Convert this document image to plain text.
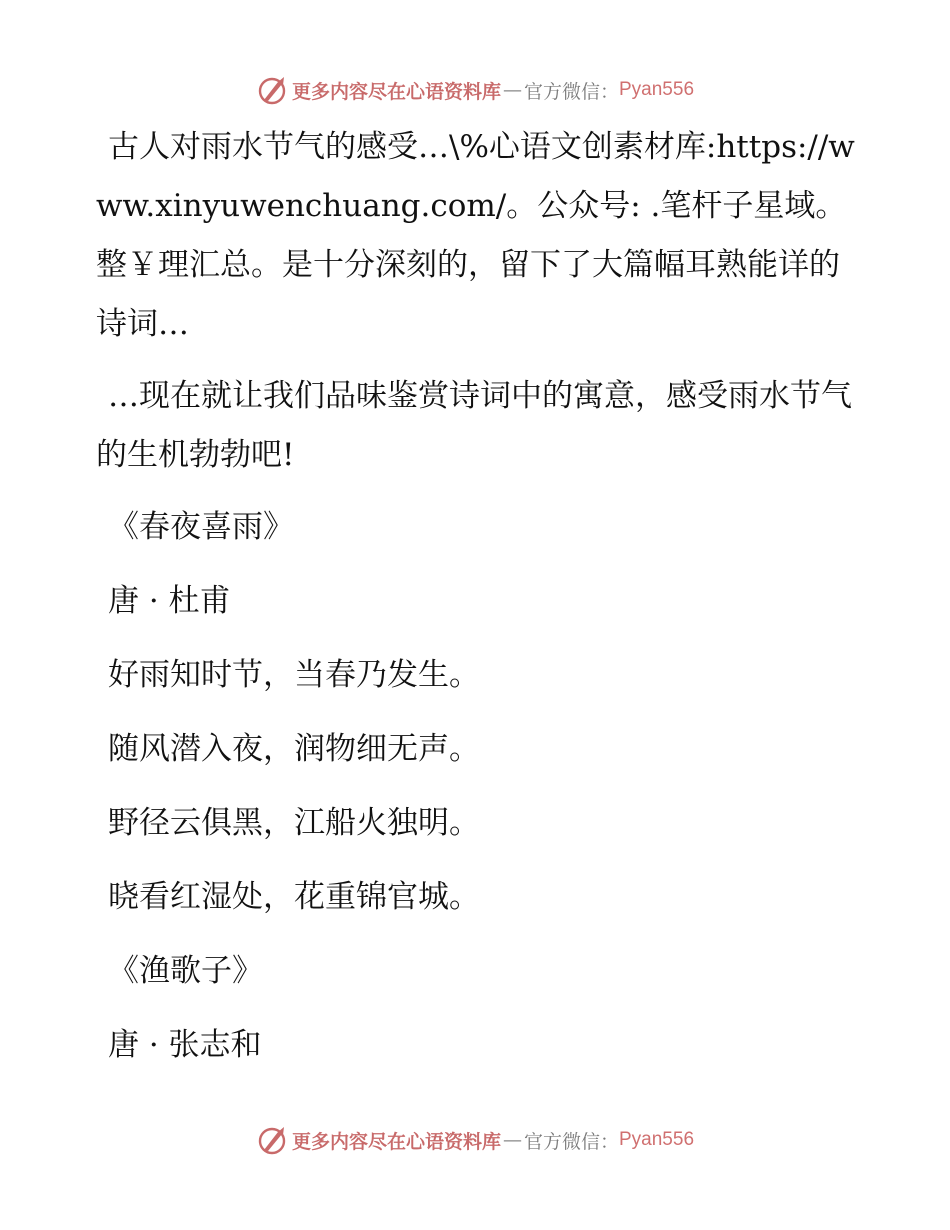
更多内容尽在心语资料库 — 官方微信： Pyan556

古人对雨水节气的感受…\%心语文创素材库:https://www.xinyuwenchuang.com/。公众号: .笔杆子星域。整￥理汇总。是十分深刻的，留下了大篇幅耳熟能详的诗词…

…现在就让我们品味鉴赏诗词中的寓意，感受雨水节气的生机勃勃吧!

《春夜喜雨》
唐 · 杜甫
好雨知时节，当春乃发生。
随风潜入夜，润物细无声。
野径云俱黑，江船火独明。
晓看红湿处，花重锦官城。
《渔歌子》
唐 · 张志和
更多内容尽在心语资料库 — 官方微信： Pyan556
